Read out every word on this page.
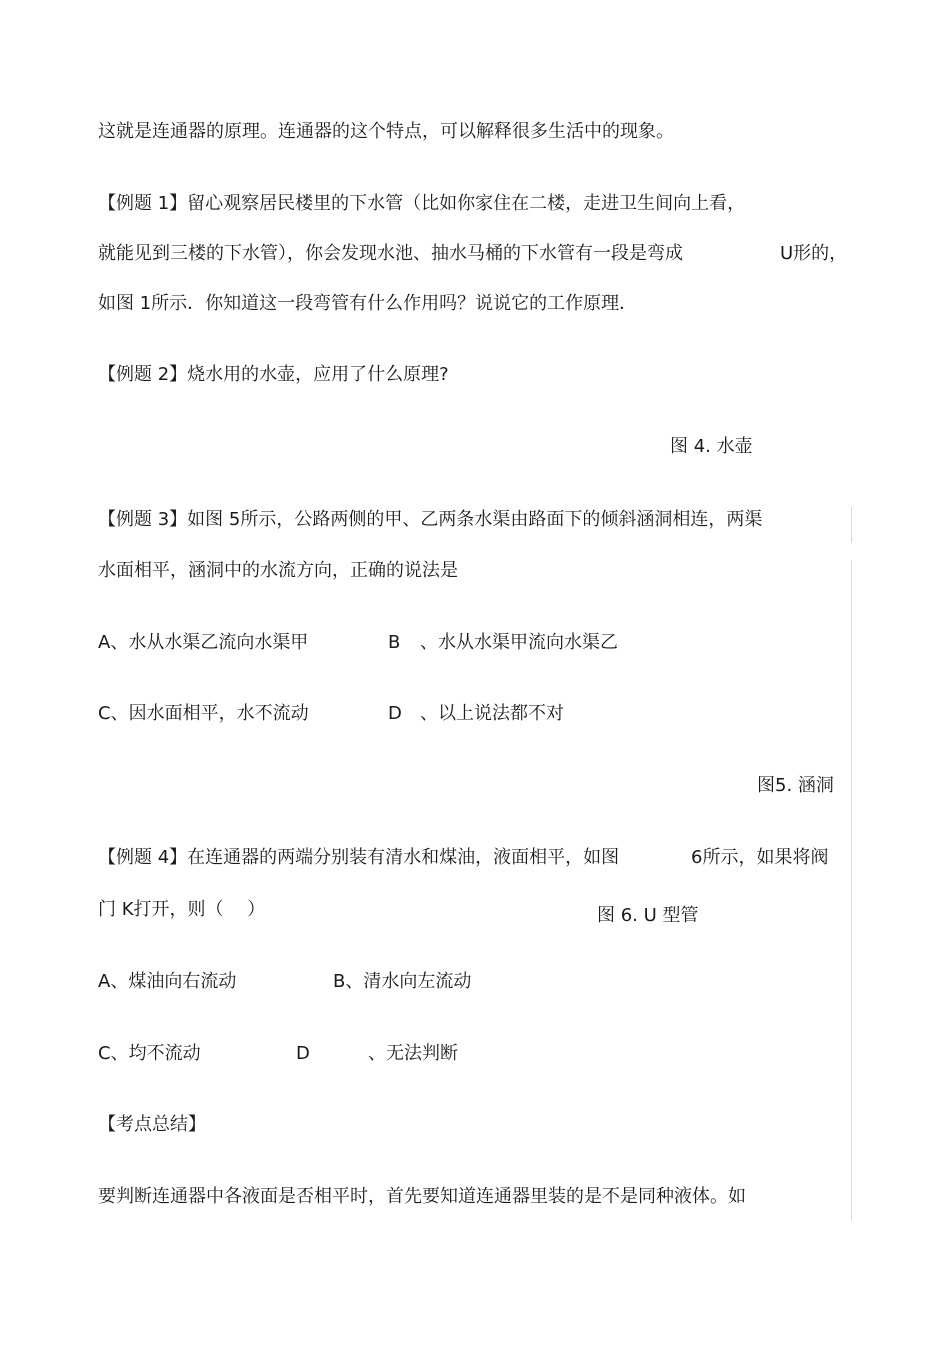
这就是连通器的原理。连通器的这个特点，可以解释很多生活中的现象。
【例题 1】留心观察居民楼里的下水管（比如你家住在二楼，走进卫生间向上看，
就能见到三楼的下水管），你会发现水池、抽水马桶的下水管有一段是弯成	U形的，
如图 1所示．你知道这一段弯管有什么作用吗？说说它的工作原理．
【例题 2】烧水用的水壶，应用了什么原理?
图 4. 水壶
【例题 3】如图 5所示，公路两侧的甲、乙两条水渠由路面下的倾斜涵洞相连，两渠
水面相平，涵洞中的水流方向，正确的说法是
A、水从水渠乙流向水渠甲	B 、水从水渠甲流向水渠乙
C、因水面相平，水不流动	D 、以上说法都不对
图5. 涵洞
【例题 4】在连通器的两端分别装有清水和煤油，液面相平，如图	6所示，如果将阀
门 K打开，则（　 ）	图 6. U 型管
A、煤油向右流动	B、清水向左流动
C、均不流动	D	、无法判断
【考点总结】
要判断连通器中各液面是否相平时，首先要知道连通器里装的是不是同种液体。如
